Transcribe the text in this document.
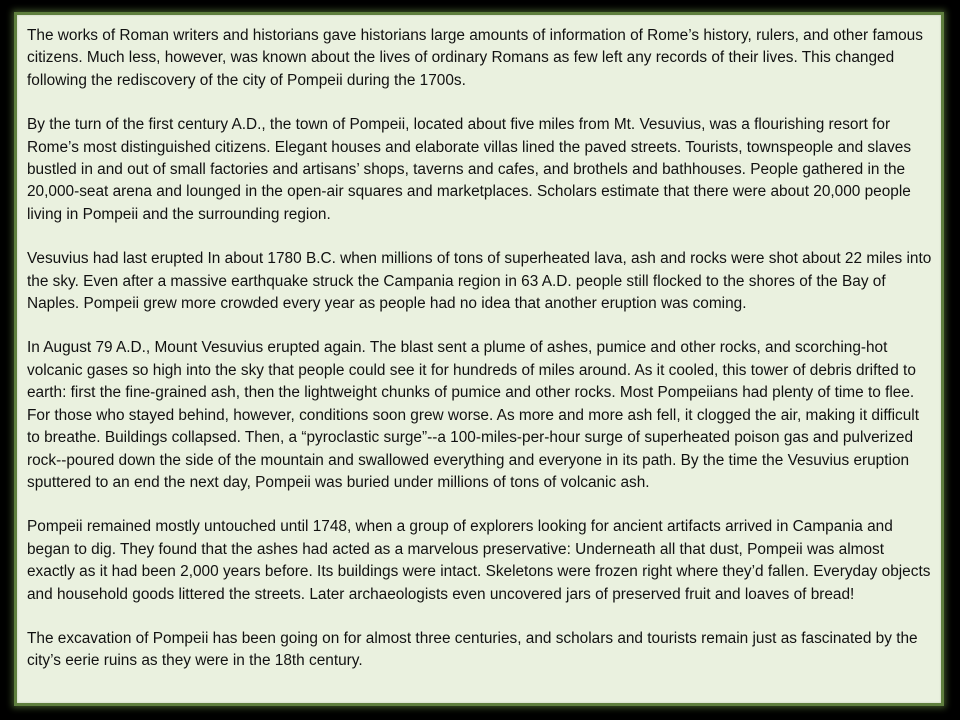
The works of Roman writers and historians gave historians large amounts of information of Rome’s history, rulers, and other famous citizens. Much less, however, was known about the lives of ordinary Romans as few left any records of their lives. This changed following the rediscovery of the city of Pompeii during the 1700s.

By the turn of the first century A.D., the town of Pompeii, located about five miles from Mt. Vesuvius, was a flourishing resort for Rome’s most distinguished citizens. Elegant houses and elaborate villas lined the paved streets. Tourists, townspeople and slaves bustled in and out of small factories and artisans’ shops, taverns and cafes, and brothels and bathhouses. People gathered in the 20,000-seat arena and lounged in the open-air squares and marketplaces. Scholars estimate that there were about 20,000 people living in Pompeii and the surrounding region.

Vesuvius had last erupted In about 1780 B.C. when millions of tons of superheated lava, ash and rocks were shot about 22 miles into the sky. Even after a massive earthquake struck the Campania region in 63 A.D. people still flocked to the shores of the Bay of Naples. Pompeii grew more crowded every year as people had no idea that another eruption was coming.

In August 79 A.D., Mount Vesuvius erupted again. The blast sent a plume of ashes, pumice and other rocks, and scorching-hot volcanic gases so high into the sky that people could see it for hundreds of miles around. As it cooled, this tower of debris drifted to earth: first the fine-grained ash, then the lightweight chunks of pumice and other rocks. Most Pompeiians had plenty of time to flee. For those who stayed behind, however, conditions soon grew worse. As more and more ash fell, it clogged the air, making it difficult to breathe. Buildings collapsed. Then, a “pyroclastic surge”--a 100-miles-per-hour surge of superheated poison gas and pulverized rock--poured down the side of the mountain and swallowed everything and everyone in its path. By the time the Vesuvius eruption sputtered to an end the next day, Pompeii was buried under millions of tons of volcanic ash.

Pompeii remained mostly untouched until 1748, when a group of explorers looking for ancient artifacts arrived in Campania and began to dig. They found that the ashes had acted as a marvelous preservative: Underneath all that dust, Pompeii was almost exactly as it had been 2,000 years before. Its buildings were intact. Skeletons were frozen right where they’d fallen. Everyday objects and household goods littered the streets. Later archaeologists even uncovered jars of preserved fruit and loaves of bread!

The excavation of Pompeii has been going on for almost three centuries, and scholars and tourists remain just as fascinated by the city’s eerie ruins as they were in the 18th century.
